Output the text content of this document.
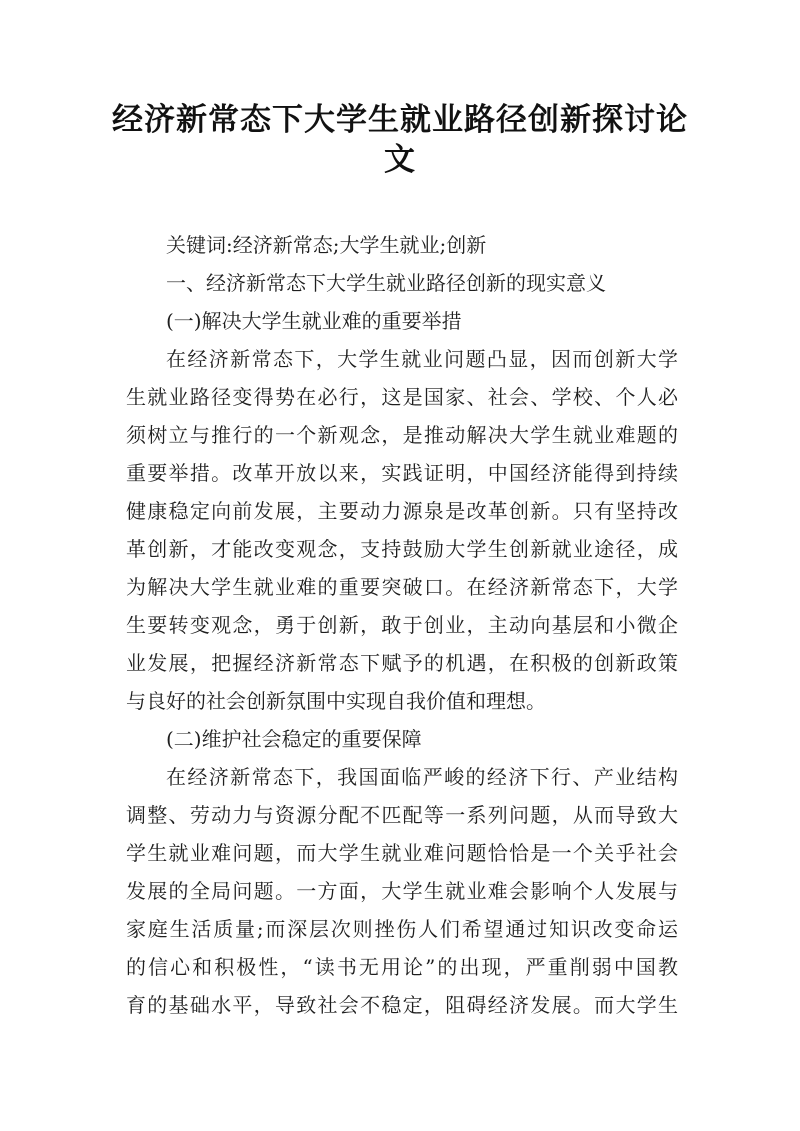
经济新常态下大学生就业路径创新探讨论
文
关键词:经济新常态;大学生就业;创新
一、经济新常态下大学生就业路径创新的现实意义
(一)解决大学生就业难的重要举措
在经济新常态下，大学生就业问题凸显，因而创新大学
生就业路径变得势在必行，这是国家、社会、学校、个人必
须树立与推行的一个新观念，是推动解决大学生就业难题的
重要举措。改革开放以来，实践证明，中国经济能得到持续
健康稳定向前发展，主要动力源泉是改革创新。只有坚持改
革创新，才能改变观念，支持鼓励大学生创新就业途径，成
为解决大学生就业难的重要突破口。在经济新常态下，大学
生要转变观念，勇于创新，敢于创业，主动向基层和小微企
业发展，把握经济新常态下赋予的机遇，在积极的创新政策
与良好的社会创新氛围中实现自我价值和理想。
(二)维护社会稳定的重要保障
在经济新常态下，我国面临严峻的经济下行、产业结构
调整、劳动力与资源分配不匹配等一系列问题，从而导致大
学生就业难问题，而大学生就业难问题恰恰是一个关乎社会
发展的全局问题。一方面，大学生就业难会影响个人发展与
家庭生活质量;而深层次则挫伤人们希望通过知识改变命运
的信心和积极性，“读书无用论”的出现，严重削弱中国教
育的基础水平，导致社会不稳定，阻碍经济发展。而大学生
